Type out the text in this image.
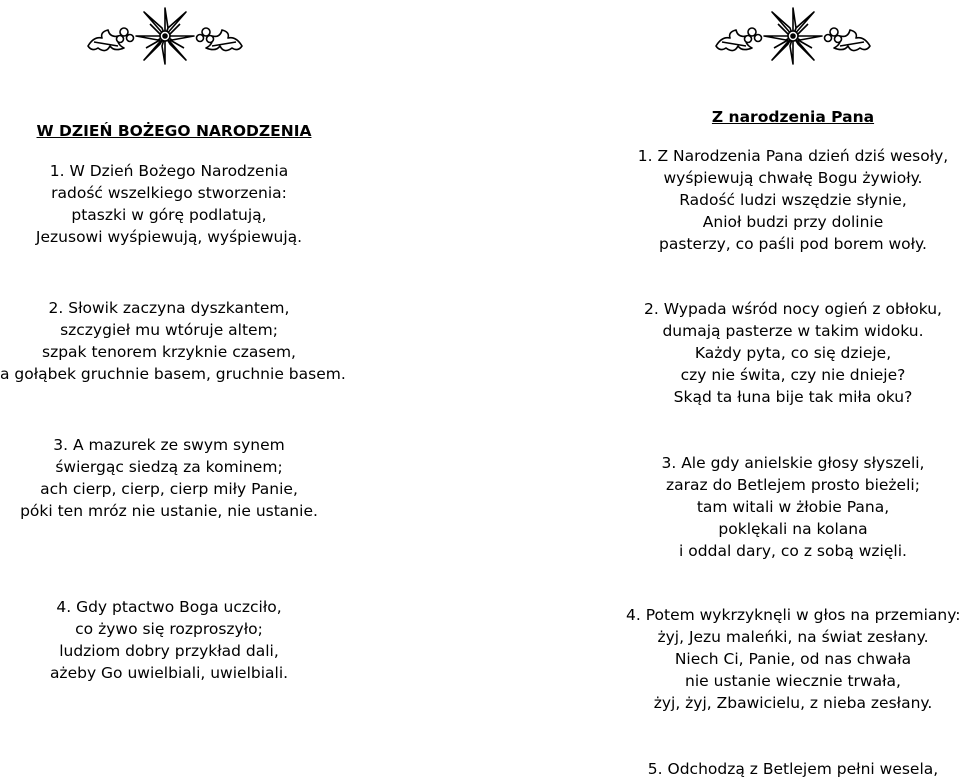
W DZIEŃ BOŻEGO NARODZENIA
1. W Dzień Bożego Narodzenia
radość wszelkiego stworzenia:
ptaszki w górę podlatują,
Jezusowi wyśpiewują, wyśpiewują.
2. Słowik zaczyna dyszkantem,
szczygieł mu wtóruje altem;
szpak tenorem krzyknie czasem,
a gołąbek gruchnie basem, gruchnie basem.
3. A mazurek ze swym synem
świergąc siedzą za kominem;
ach cierp, cierp, cierp miły Panie,
póki ten mróz nie ustanie, nie ustanie.
4. Gdy ptactwo Boga uczciło,
co żywo się rozproszyło;
ludziom dobry przykład dali,
ażeby Go uwielbiali, uwielbiali.
Z narodzenia Pana
1. Z Narodzenia Pana dzień dziś wesoły,
wyśpiewują chwałę Bogu żywioły.
Radość ludzi wszędzie słynie,
Anioł budzi przy dolinie
pasterzy, co paśli pod borem woły.
2. Wypada wśród nocy ogień z obłoku,
dumają pasterze w takim widoku.
Każdy pyta, co się dzieje,
czy nie świta, czy nie dnieje?
Skąd ta łuna bije tak miła oku?
3. Ale gdy anielskie głosy słyszeli,
zaraz do Betlejem prosto bieżeli;
tam witali w żłobie Pana,
poklękali na kolana
i oddal dary, co z sobą wzięli.
4. Potem wykrzyknęli w głos na przemiany:
żyj, Jezu maleńki, na świat zesłany.
Niech Ci, Panie, od nas chwała
nie ustanie wiecznie trwała,
żyj, żyj, Zbawicielu, z nieba zesłany.
5. Odchodzą z Betlejem pełni wesela,
